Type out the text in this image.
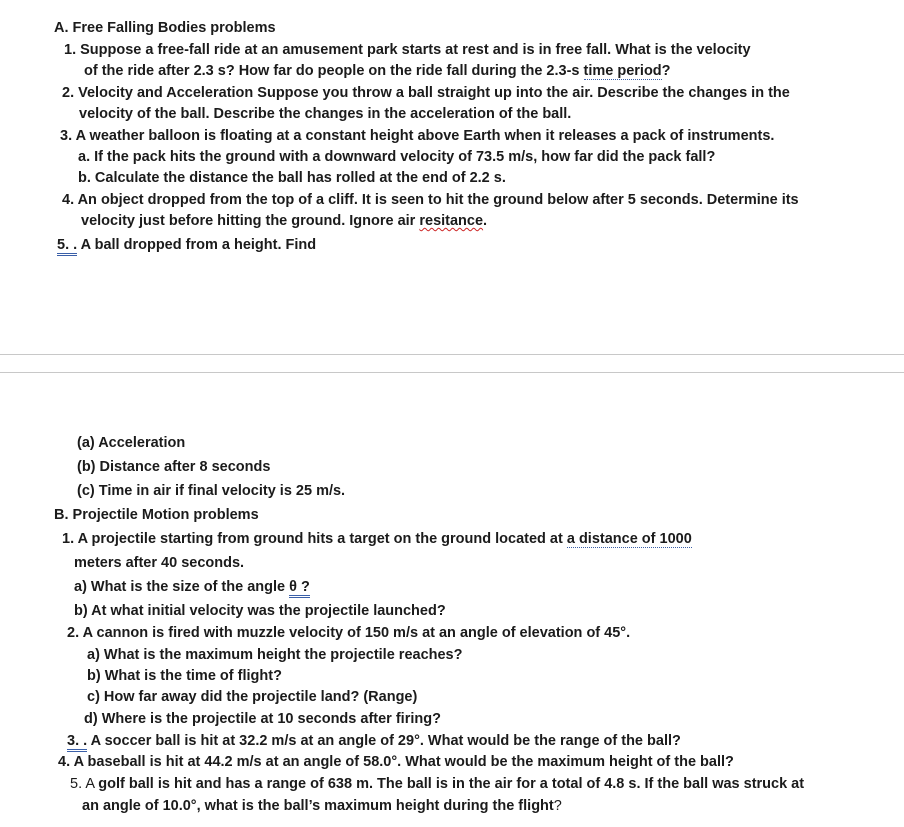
A. Free Falling Bodies problems
1. Suppose a free-fall ride at an amusement park starts at rest and is in free fall. What is the velocity
of the ride after 2.3 s? How far do people on the ride fall during the 2.3-s time period?
2. Velocity and Acceleration Suppose you throw a ball straight up into the air. Describe the changes in the
velocity of the ball. Describe the changes in the acceleration of the ball.
3. A weather balloon is floating at a constant height above Earth when it releases a pack of instruments.
a. If the pack hits the ground with a downward velocity of 73.5 m/s, how far did the pack fall?
b. Calculate the distance the ball has rolled at the end of 2.2 s.
4. An object dropped from the top of a cliff. It is seen to hit the ground below after 5 seconds. Determine its
velocity just before hitting the ground. Ignore air resitance.
5. . A ball dropped from a height. Find
(a) Acceleration
(b) Distance after 8 seconds
(c) Time in air if final velocity is 25 m/s.
B. Projectile Motion problems
1. A projectile starting from ground hits a target on the ground located at a distance of 1000
meters after 40 seconds.
a) What is the size of the angle θ ?
b) At what initial velocity was the projectile launched?
2. A cannon is fired with muzzle velocity of 150 m/s at an angle of elevation of 45°.
a) What is the maximum height the projectile reaches?
b) What is the time of flight?
c) How far away did the projectile land? (Range)
d) Where is the projectile at 10 seconds after firing?
3. . A soccer ball is hit at 32.2 m/s at an angle of 29°. What would be the range of the ball?
4. A baseball is hit at 44.2 m/s at an angle of 58.0°. What would be the maximum height of the ball?
5. A golf ball is hit and has a range of 638 m. The ball is in the air for a total of 4.8 s. If the ball was struck at
an angle of 10.0°, what is the ball’s maximum height during the flight?
